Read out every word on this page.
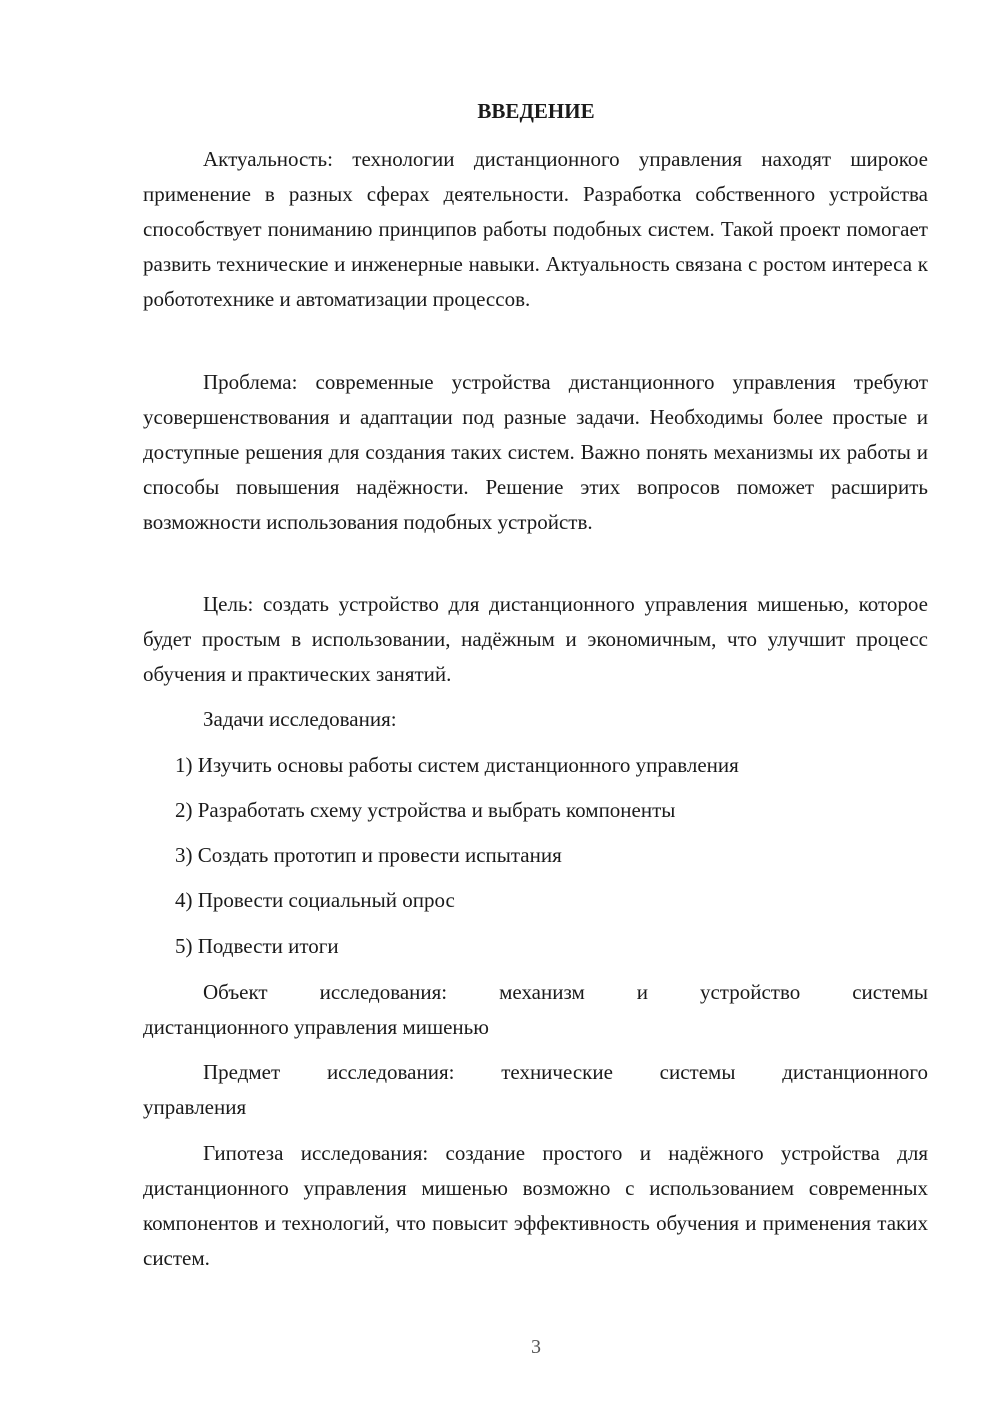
ВВЕДЕНИЕ

Актуальность: технологии дистанционного управления находят широкое применение в разных сферах деятельности. Разработка собственного устройства способствует пониманию принципов работы подобных систем. Такой проект помогает развить технические и инженерные навыки. Актуальность связана с ростом интереса к робототехнике и автоматизации процессов.

Проблема: современные устройства дистанционного управления требуют усовершенствования и адаптации под разные задачи. Необходимы более простые и доступные решения для создания таких систем. Важно понять механизмы их работы и способы повышения надёжности. Решение этих вопросов поможет расширить возможности использования подобных устройств.

Цель: создать устройство для дистанционного управления мишенью, которое будет простым в использовании, надёжным и экономичным, что улучшит процесс обучения и практических занятий.

Задачи исследования:

1) Изучить основы работы систем дистанционного управления

2) Разработать схему устройства и выбрать компоненты

3) Создать прототип и провести испытания

4) Провести социальный опрос

5) Подвести итоги

Объект исследования: механизм и устройство системы

дистанционного управления мишенью

Предмет исследования: технические системы дистанционного

управления

Гипотеза исследования: создание простого и надёжного устройства для дистанционного управления мишенью возможно с использованием современных компонентов и технологий, что повысит эффективность обучения и применения таких систем.

3
